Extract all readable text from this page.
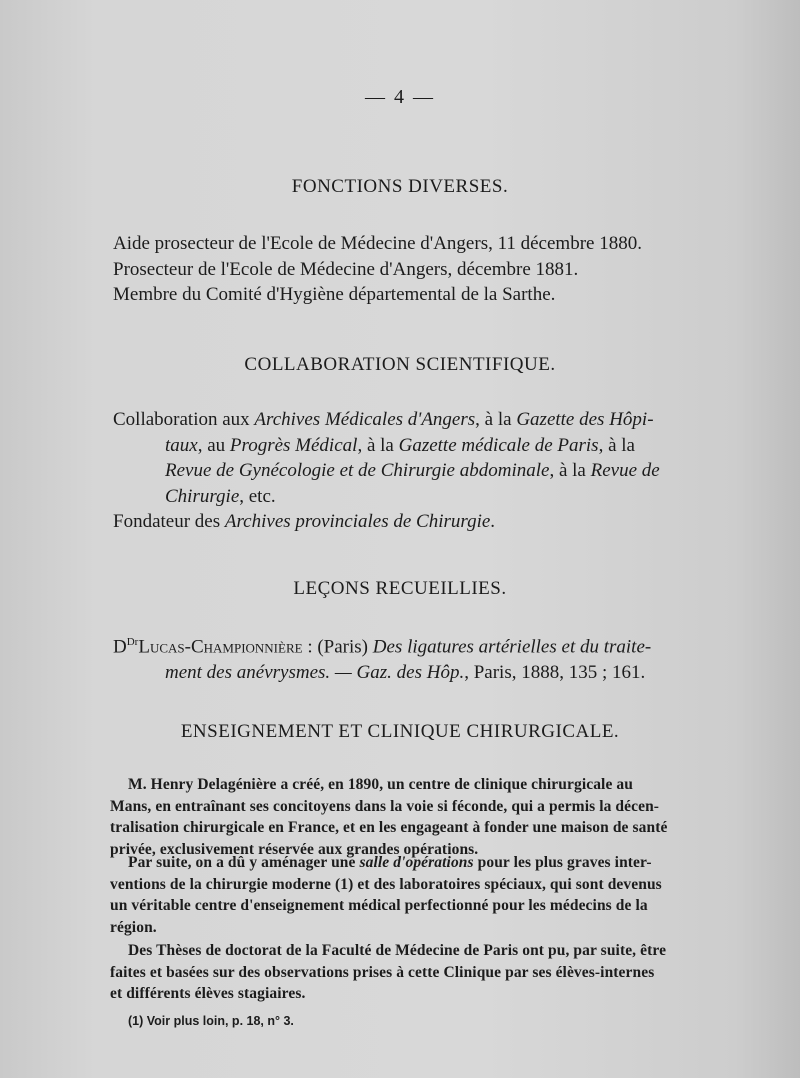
— 4 —
FONCTIONS DIVERSES.

Aide prosecteur de l'Ecole de Médecine d'Angers, 11 décembre 1880.
Prosecteur de l'Ecole de Médecine d'Angers, décembre 1881.
Membre du Comité d'Hygiène départemental de la Sarthe.

COLLABORATION SCIENTIFIQUE.

Collaboration aux Archives Médicales d'Angers, à la Gazette des Hôpi-
taux, au Progrès Médical, à la Gazette médicale de Paris, à la
Revue de Gynécologie et de Chirurgie abdominale, à la Revue de
Chirurgie, etc.
Fondateur des Archives provinciales de Chirurgie.

LEÇONS RECUEILLIES.

$D^{Dr}Lucas$-Championnière : (Paris) Des ligatures artérielles et du traite-
ment des anévrysmes. — Gaz. des Hôp., Paris, 1888, 135 ; 161.

ENSEIGNEMENT ET CLINIQUE CHIRURGICALE.

M. Henry Delagénière a créé, en 1890, un centre de clinique chirurgicale au
Mans, en entraînant ses concitoyens dans la voie si féconde, qui a permis la décen-
tralisation chirurgicale en France, et en les engageant à fonder une maison de santé
privée, exclusivement réservée aux grandes opérations.

Par suite, on a dû y aménager une salle d'opérations pour les plus graves inter-
ventions de la chirurgie moderne (1) et des laboratoires spéciaux, qui sont devenus
un véritable centre d'enseignement médical perfectionné pour les médecins de la
région.

Des Thèses de doctorat de la Faculté de Médecine de Paris ont pu, par suite, être
faites et basées sur des observations prises à cette Clinique par ses élèves-internes
et différents élèves stagiaires.

(1) Voir plus loin, p. 18, n° 3.
